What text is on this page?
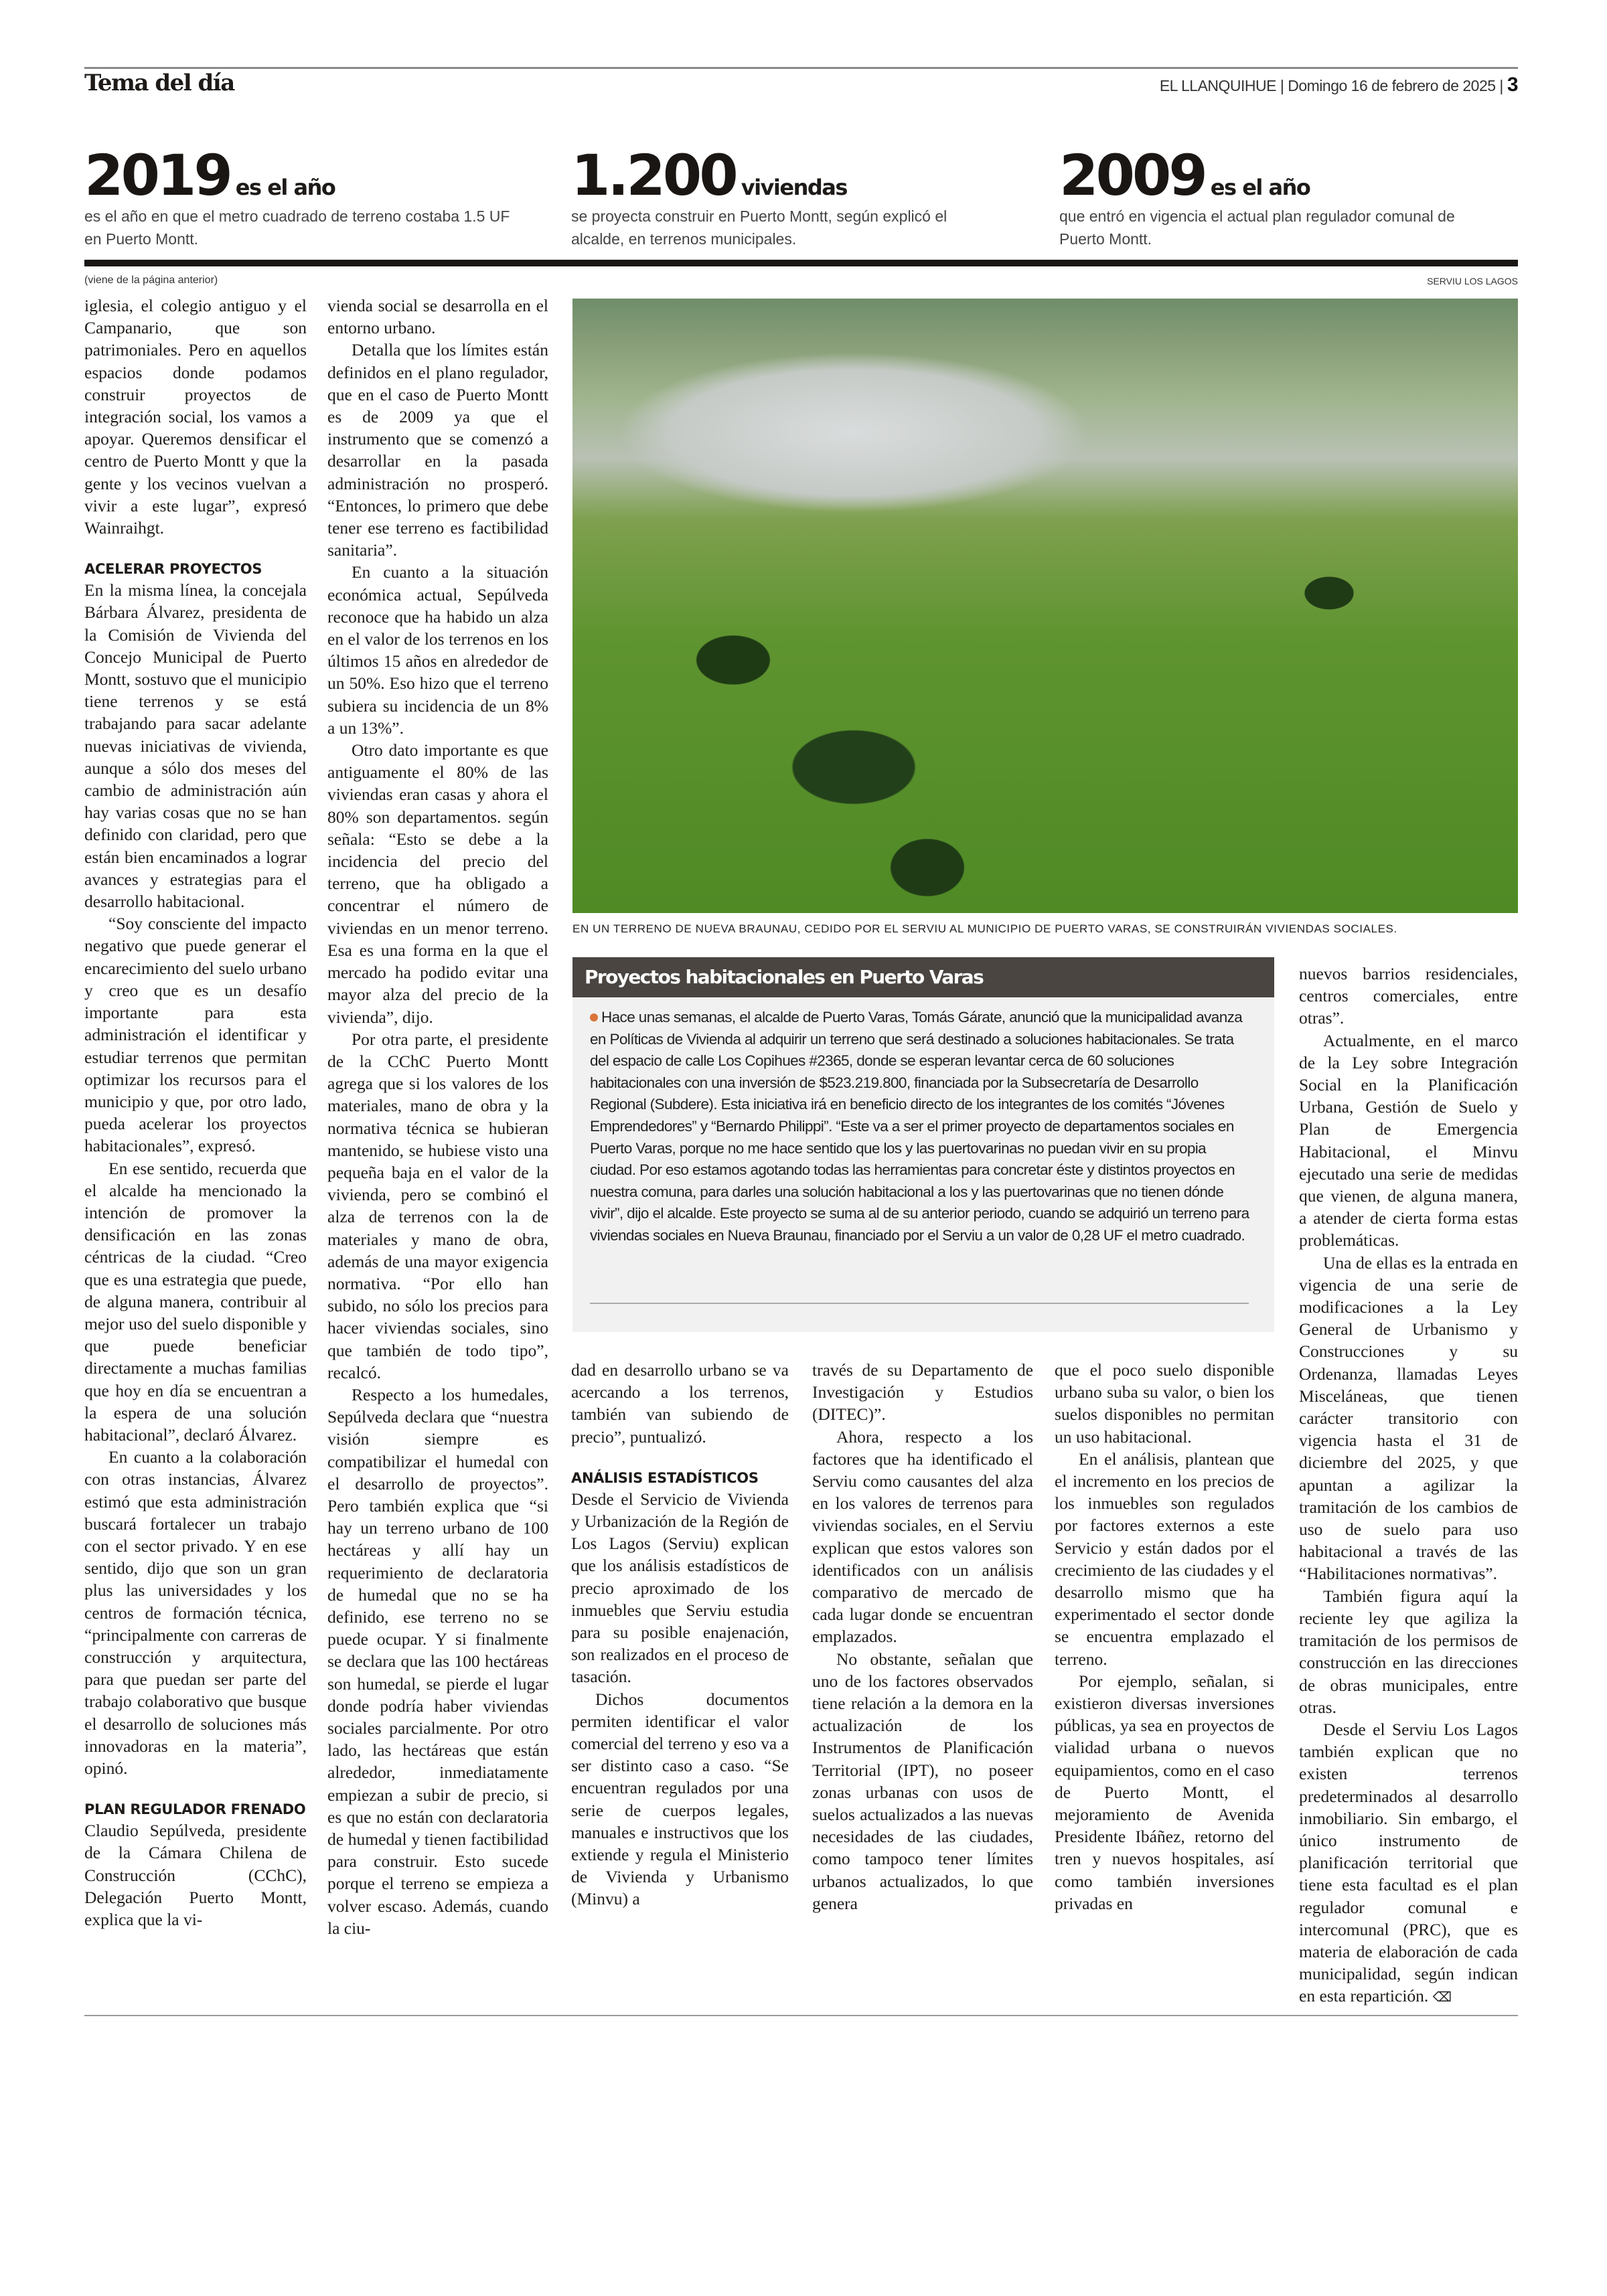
Tema del día	EL LLANQUIHUE | Domingo 16 de febrero de 2025 | 3
2019 es el año
es el año en que el metro cuadrado de terreno costaba 1.5 UF en Puerto Montt.
1.200 viviendas
se proyecta construir en Puerto Montt, según explicó el alcalde, en terrenos municipales.
2009 es el año
que entró en vigencia el actual plan regulador comunal de Puerto Montt.
(viene de la página anterior)	SERVIU LOS LAGOS
EN UN TERRENO DE NUEVA BRAUNAU, CEDIDO POR EL SERVIU AL MUNICIPIO DE PUERTO VARAS, SE CONSTRUIRÁN VIVIENDAS SOCIALES.

iglesia, el colegio antiguo y el Campanario, que son patrimoniales. Pero en aquellos espacios donde podamos construir proyectos de integración social, los vamos a apoyar. Queremos densificar el centro de Puerto Montt y que la gente y los vecinos vuelvan a vivir a este lugar”, expresó Wainraihgt.

ACELERAR PROYECTOS

En la misma línea, la concejala Bárbara Álvarez, presidenta de la Comisión de Vivienda del Concejo Municipal de Puerto Montt, sostuvo que el municipio tiene terrenos y se está trabajando para sacar adelante nuevas iniciativas de vivienda, aunque a sólo dos meses del cambio de administración aún hay varias cosas que no se han definido con claridad, pero que están bien encaminados a lograr avances y estrategias para el desarrollo habitacional.

“Soy consciente del impacto negativo que puede generar el encarecimiento del suelo urbano y creo que es un desafío importante para esta administración el identificar y estudiar terrenos que permitan optimizar los recursos para el municipio y que, por otro lado, pueda acelerar los proyectos habitacionales”, expresó.

En ese sentido, recuerda que el alcalde ha mencionado la intención de promover la densificación en las zonas céntricas de la ciudad. “Creo que es una estrategia que puede, de alguna manera, contribuir al mejor uso del suelo disponible y que puede beneficiar directamente a muchas familias que hoy en día se encuentran a la espera de una solución habitacional”, declaró Álvarez.

En cuanto a la colaboración con otras instancias, Álvarez estimó que esta administración buscará fortalecer un trabajo con el sector privado. Y en ese sentido, dijo que son un gran plus las universidades y los centros de formación técnica, “principalmente con carreras de construcción y arquitectura, para que puedan ser parte del trabajo colaborativo que busque el desarrollo de soluciones más innovadoras en la materia”, opinó.

PLAN REGULADOR FRENADO

Claudio Sepúlveda, presidente de la Cámara Chilena de Construcción (CChC), Delegación Puerto Montt, explica que la vi-

vienda social se desarrolla en el entorno urbano.

Detalla que los límites están definidos en el plano regulador, que en el caso de Puerto Montt es de 2009 ya que el instrumento que se comenzó a desarrollar en la pasada administración no prosperó. “Entonces, lo primero que debe tener ese terreno es factibilidad sanitaria”.

En cuanto a la situación económica actual, Sepúlveda reconoce que ha habido un alza en el valor de los terrenos en los últimos 15 años en alrededor de un 50%. Eso hizo que el terreno subiera su incidencia de un 8% a un 13%”.

Otro dato importante es que antiguamente el 80% de las viviendas eran casas y ahora el 80% son departamentos. según señala: “Esto se debe a la incidencia del precio del terreno, que ha obligado a concentrar el número de viviendas en un menor terreno. Esa es una forma en la que el mercado ha podido evitar una mayor alza del precio de la vivienda”, dijo.

Por otra parte, el presidente de la CChC Puerto Montt agrega que si los valores de los materiales, mano de obra y la normativa técnica se hubieran mantenido, se hubiese visto una pequeña baja en el valor de la vivienda, pero se combinó el alza de terrenos con la de materiales y mano de obra, además de una mayor exigencia normativa. “Por ello han subido, no sólo los precios para hacer viviendas sociales, sino que también de todo tipo”, recalcó.

Respecto a los humedales, Sepúlveda declara que “nuestra visión siempre es compatibilizar el humedal con el desarrollo de proyectos”. Pero también explica que “si hay un terreno urbano de 100 hectáreas y allí hay un requerimiento de declaratoria de humedal que no se ha definido, ese terreno no se puede ocupar. Y si finalmente se declara que las 100 hectáreas son humedal, se pierde el lugar donde podría haber viviendas sociales parcialmente. Por otro lado, las hectáreas que están alrededor, inmediatamente empiezan a subir de precio, si es que no están con declaratoria de humedal y tienen factibilidad para construir. Esto sucede porque el terreno se empieza a volver escaso. Además, cuando la ciu-

Proyectos habitacionales en Puerto Varas
Hace unas semanas, el alcalde de Puerto Varas, Tomás Gárate, anunció que la municipalidad avanza en Políticas de Vivienda al adquirir un terreno que será destinado a soluciones habitacionales. Se trata del espacio de calle Los Copihues #2365, donde se esperan levantar cerca de 60 soluciones habitacionales con una inversión de $523.219.800, financiada por la Subsecretaría de Desarrollo Regional (Subdere). Esta iniciativa irá en beneficio directo de los integrantes de los comités “Jóvenes Emprendedores” y “Bernardo Philippi”. “Este va a ser el primer proyecto de departamentos sociales en Puerto Varas, porque no me hace sentido que los y las puertovarinas no puedan vivir en su propia ciudad. Por eso estamos agotando todas las herramientas para concretar éste y distintos proyectos en nuestra comuna, para darles una solución habitacional a los y las puertovarinas que no tienen dónde vivir”, dijo el alcalde. Este proyecto se suma al de su anterior periodo, cuando se adquirió un terreno para viviendas sociales en Nueva Braunau, financiado por el Serviu a un valor de 0,28 UF el metro cuadrado.

dad en desarrollo urbano se va acercando a los terrenos, también van subiendo de precio”, puntualizó.

ANÁLISIS ESTADÍSTICOS

Desde el Servicio de Vivienda y Urbanización de la Región de Los Lagos (Serviu) explican que los análisis estadísticos de precio aproximado de los inmuebles que Serviu estudia para su posible enajenación, son realizados en el proceso de tasación.

Dichos documentos permiten identificar el valor comercial del terreno y eso va a ser distinto caso a caso. “Se encuentran regulados por una serie de cuerpos legales, manuales e instructivos que los extiende y regula el Ministerio de Vivienda y Urbanismo (Minvu) a

través de su Departamento de Investigación y Estudios (DITEC)”.

Ahora, respecto a los factores que ha identificado el Serviu como causantes del alza en los valores de terrenos para viviendas sociales, en el Serviu explican que estos valores son identificados con un análisis comparativo de mercado de cada lugar donde se encuentran emplazados.

No obstante, señalan que uno de los factores observados tiene relación a la demora en la actualización de los Instrumentos de Planificación Territorial (IPT), no poseer zonas urbanas con usos de suelos actualizados a las nuevas necesidades de las ciudades, como tampoco tener límites urbanos actualizados, lo que genera

que el poco suelo disponible urbano suba su valor, o bien los suelos disponibles no permitan un uso habitacional.

En el análisis, plantean que el incremento en los precios de los inmuebles son regulados por factores externos a este Servicio y están dados por el crecimiento de las ciudades y el desarrollo mismo que ha experimentado el sector donde se encuentra emplazado el terreno.

Por ejemplo, señalan, si existieron diversas inversiones públicas, ya sea en proyectos de vialidad urbana o nuevos equipamientos, como en el caso de Puerto Montt, el mejoramiento de Avenida Presidente Ibáñez, retorno del tren y nuevos hospitales, así como también inversiones privadas en

nuevos barrios residenciales, centros comerciales, entre otras”.

Actualmente, en el marco de la Ley sobre Integración Social en la Planificación Urbana, Gestión de Suelo y Plan de Emergencia Habitacional, el Minvu ejecutado una serie de medidas que vienen, de alguna manera, a atender de cierta forma estas problemáticas.

Una de ellas es la entrada en vigencia de una serie de modificaciones a la Ley General de Urbanismo y Construcciones y su Ordenanza, llamadas Leyes Misceláneas, que tienen carácter transitorio con vigencia hasta el 31 de diciembre del 2025, y que apuntan a agilizar la tramitación de los cambios de uso de suelo para uso habitacional a través de las “Habilitaciones normativas”.

También figura aquí la reciente ley que agiliza la tramitación de los permisos de construcción en las direcciones de obras municipales, entre otras.

Desde el Serviu Los Lagos también explican que no existen terrenos predeterminados al desarrollo inmobiliario. Sin embargo, el único instrumento de planificación territorial que tiene esta facultad es el plan regulador comunal e intercomunal (PRC), que es materia de elaboración de cada municipalidad, según indican en esta repartición. ⌫
